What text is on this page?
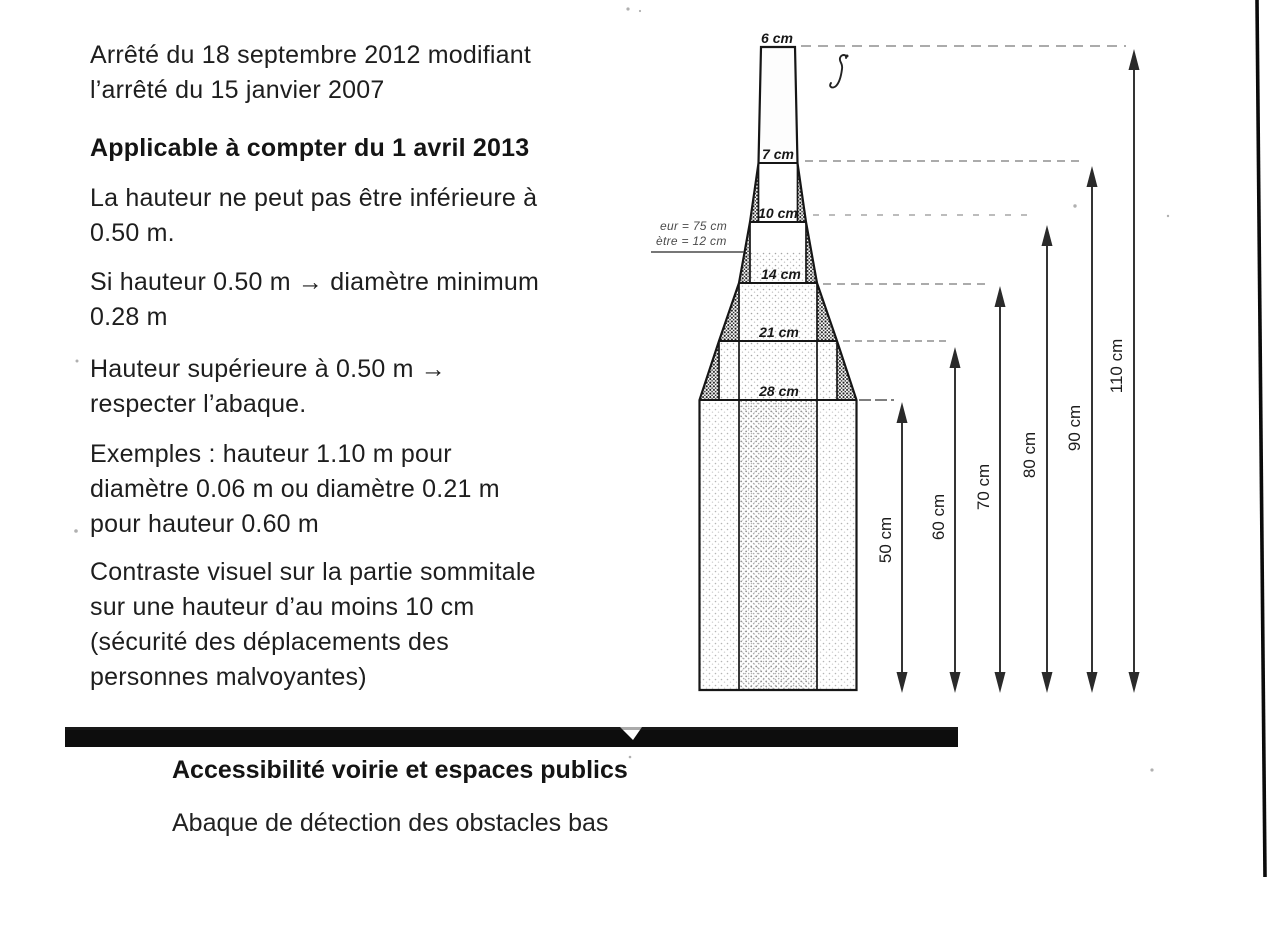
6 cm
7 cm
10 cm
14 cm
21 cm
28 cm
eur = 75 cm
ètre = 12 cm
50 cm 60 cm
70 cm
80 cm
90 cm
110 cm
Arrêté du 18 septembre 2012 modifiant
l’arrêté du 15 janvier 2007
Applicable à compter du 1 avril 2013
La hauteur ne peut pas être inférieure à
0.50 m.
Si hauteur 0.50 m → diamètre minimum
0.28 m
Hauteur supérieure à 0.50 m →
respecter l’abaque.
Exemples : hauteur 1.10 m pour
diamètre 0.06 m ou diamètre 0.21 m
pour hauteur 0.60 m
Contraste visuel sur la partie sommitale
sur une hauteur d’au moins 10 cm
(sécurité des déplacements des
personnes malvoyantes)
Accessibilité voirie et espaces publics
Abaque de détection des obstacles bas
